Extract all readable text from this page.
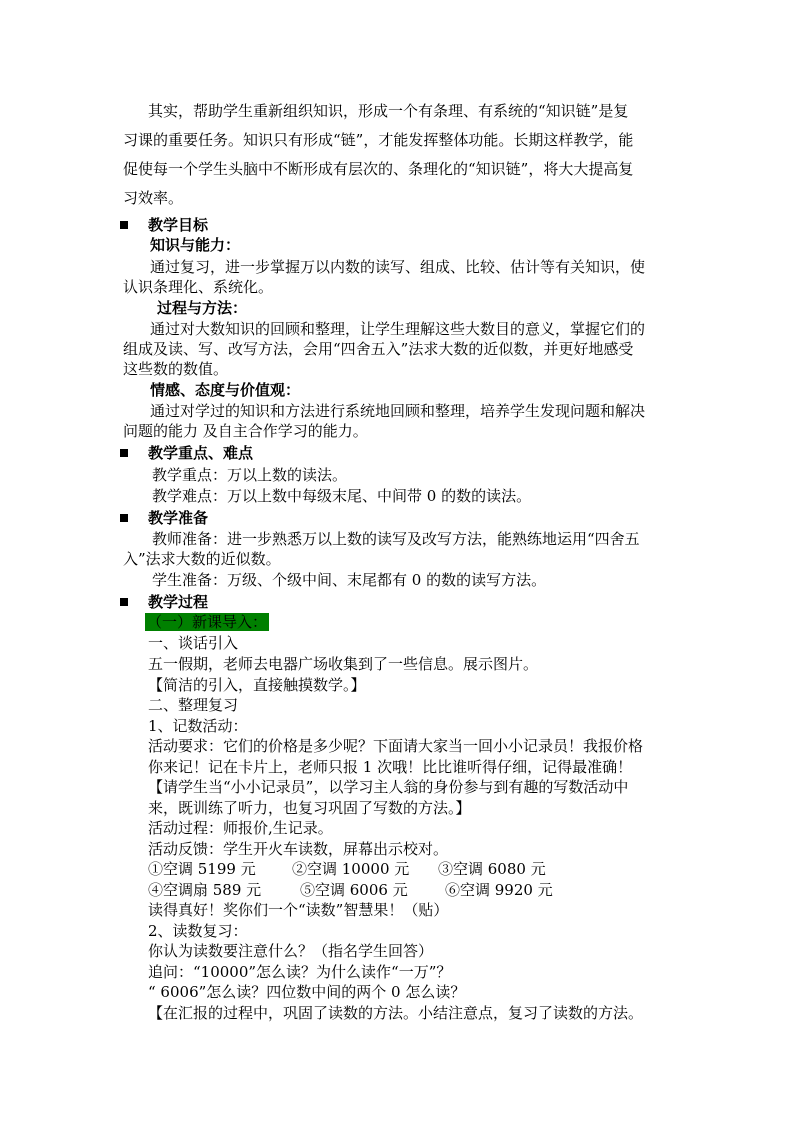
其实，帮助学生重新组织知识，形成一个有条理、有系统的“知识链”是复
习课的重要任务。知识只有形成“链”，才能发挥整体功能。长期这样教学，能
促使每一个学生头脑中不断形成有层次的、条理化的“知识链”，将大大提高复
习效率。
教学目标
知识与能力：
通过复习，进一步掌握万以内数的读写、组成、比较、估计等有关知识，使
认识条理化、系统化。
过程与方法：
通过对大数知识的回顾和整理，让学生理解这些大数目的意义，掌握它们的
组成及读、写、改写方法，会用“四舍五入”法求大数的近似数，并更好地感受
这些数的数值。
情感、态度与价值观：
通过对学过的知识和方法进行系统地回顾和整理，培养学生发现问题和解决
问题的能力 及自主合作学习的能力。
教学重点、难点
教学重点：万以上数的读法。
教学难点：万以上数中每级末尾、中间带 0 的数的读法。
教学准备
教师准备：进一步熟悉万以上数的读写及改写方法，能熟练地运用“四舍五
入”法求大数的近似数。
学生准备：万级、个级中间、末尾都有 0 的数的读写方法。
教学过程
（一）新课导入：
一、谈话引入
五一假期，老师去电器广场收集到了一些信息。展示图片。
【简洁的引入，直接触摸数学。】
二、整理复习
1、记数活动：
活动要求：它们的价格是多少呢？下面请大家当一回小小记录员！我报价格
你来记！记在卡片上，老师只报 1 次哦！比比谁听得仔细，记得最准确！
【请学生当“小小记录员”，以学习主人翁的身份参与到有趣的写数活动中
来，既训练了听力，也复习巩固了写数的方法。】
活动过程：师报价,生记录。
活动反馈：学生开火车读数，屏幕出示校对。
①空调 5199 元 ②空调 10000 元 ③空调 6080 元
④空调扇 589 元	⑤空调 6006 元 ⑥空调 9920 元
读得真好！奖你们一个“读数”智慧果！（贴）
2、读数复习：
你认为读数要注意什么？（指名学生回答）
追问：“10000”怎么读？为什么读作“一万”？
“ 6006”怎么读？四位数中间的两个 0 怎么读？
【在汇报的过程中，巩固了读数的方法。小结注意点，复习了读数的方法。
